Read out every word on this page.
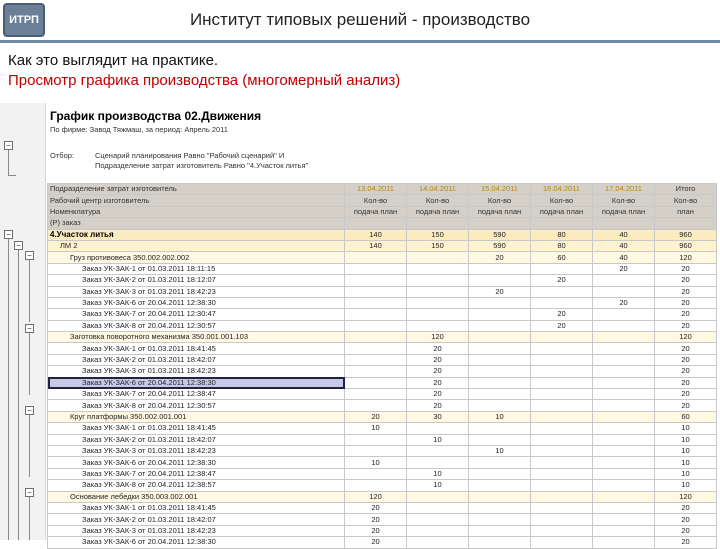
ИТРП	Институт типовых решений - производство
Как это выглядит на практике.
Просмотр графика производства (многомерный анализ)
−
−
−
−
−
−
−
График производства 02.Движения
По фирме: Завод Тяжмаш, за период: Апрель 2011
Отбор:	Сценарий планирования Равно "Рабочий сценарий" И
Подразделение затрат изготовитель Равно "4.Участок литья"
Подразделение затрат изготовитель	13.04.2011	14.04.2011	15.04.2011	16.04.2011	17.04.2011	Итого
Рабочий центр изготовитель	Кол-во	Кол-во	Кол-во	Кол-во	Кол-во	Кол-во
Номенклатура	подача план	подача план	подача план	подача план	подача план	план
(Р) заказ						
4.Участок литья	140	150	590	80	40	960
ЛМ 2	140	150	590	80	40	960
Груз противовеса 350.002.002.002			20	60	40	120
Заказ УК-ЗАК-1 от 01.03.2011 18:11:15					20	20
Заказ УК-ЗАК-2 от 01.03.2011 18:12:07				20		20
Заказ УК-ЗАК-3 от 01.03.2011 18:42:23			20			20
Заказ УК-ЗАК-6 от 20.04.2011 12:38:30					20	20
Заказ УК-ЗАК-7 от 20.04.2011 12:30:47				20		20
Заказ УК-ЗАК-8 от 20.04.2011 12:30:57				20		20
Заготовка поворотного механизма 350.001.001.103		120				120
Заказ УК-ЗАК-1 от 01.03.2011 18:41:45		20				20
Заказ УК-ЗАК-2 от 01.03.2011 18:42:07		20				20
Заказ УК-ЗАК-3 от 01.03.2011 18:42:23		20				20
Заказ УК-ЗАК-6 от 20.04.2011 12:38:30		20				20
Заказ УК-ЗАК-7 от 20.04.2011 12:38:47		20				20
Заказ УК-ЗАК-8 от 20.04.2011 12:30:57		20				20
Круг платформы 350.002.001.001	20	30	10			60
Заказ УК-ЗАК-1 от 01.03.2011 18:41:45	10					10
Заказ УК-ЗАК-2 от 01.03.2011 18:42:07		10				10
Заказ УК-ЗАК-3 от 01.03.2011 18:42:23			10			10
Заказ УК-ЗАК-6 от 20.04.2011 12:38:30	10					10
Заказ УК-ЗАК-7 от 20.04.2011 12:38:47		10				10
Заказ УК-ЗАК-8 от 20.04.2011 12:38:57		10				10
Основание лебедки 350.003.002.001	120					120
Заказ УК-ЗАК-1 от 01.03.2011 18:41:45	20					20
Заказ УК-ЗАК-2 от 01.03.2011 18:42:07	20					20
Заказ УК-ЗАК-3 от 01.03.2011 18:42:23	20					20
Заказ УК-ЗАК-6 от 20.04.2011 12:38:30	20					20
